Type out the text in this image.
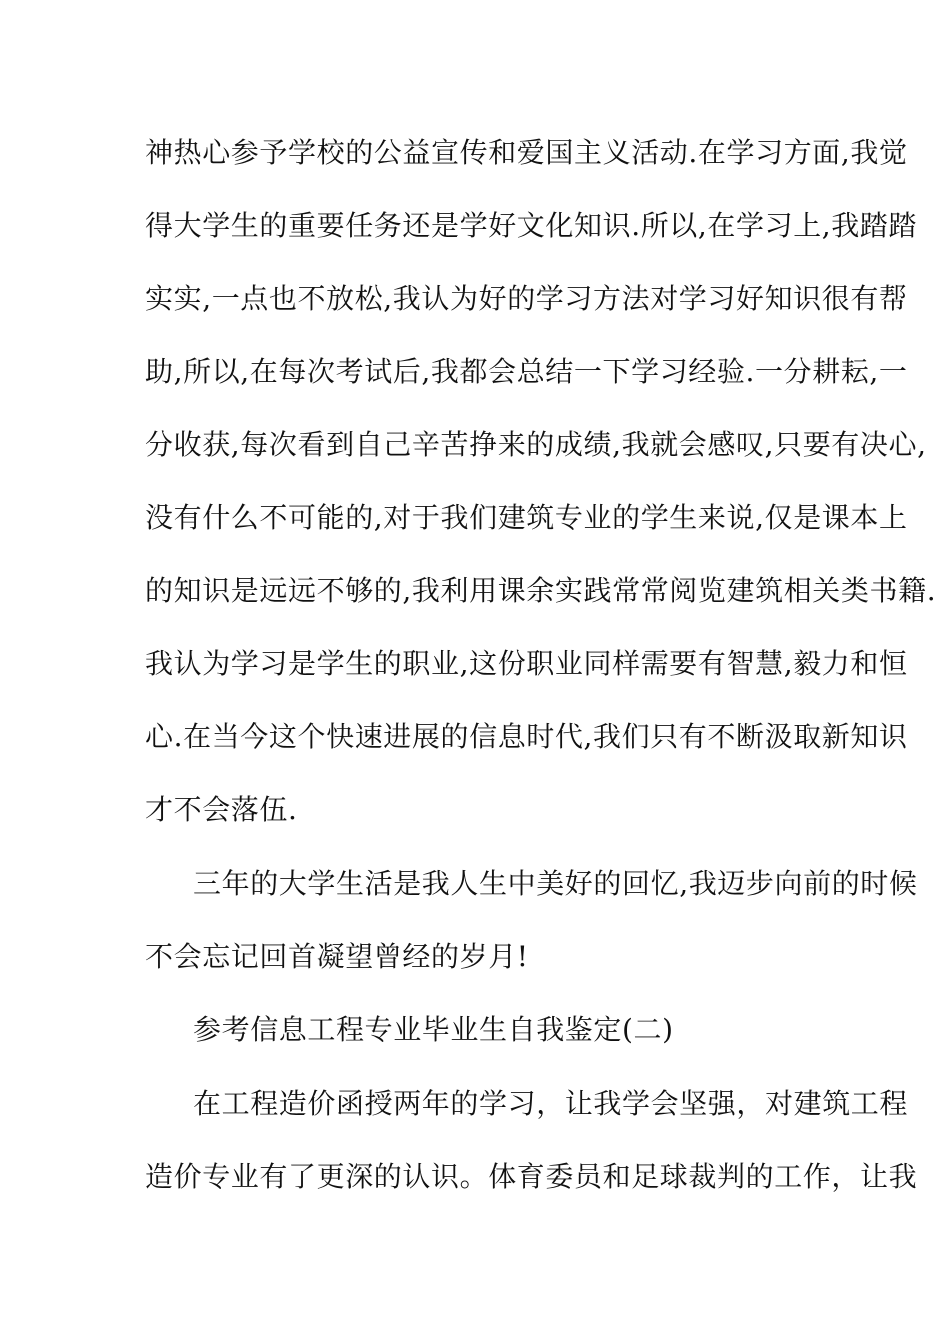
神热心参予学校的公益宣传和爱国主义活动.在学习方面,我觉

得大学生的重要任务还是学好文化知识.所以,在学习上,我踏踏

实实,一点也不放松,我认为好的学习方法对学习好知识很有帮

助,所以,在每次考试后,我都会总结一下学习经验.一分耕耘,一

分收获,每次看到自己辛苦挣来的成绩,我就会感叹,只要有决心,

没有什么不可能的,对于我们建筑专业的学生来说,仅是课本上

的知识是远远不够的,我利用课余实践常常阅览建筑相关类书籍.

我认为学习是学生的职业,这份职业同样需要有智慧,毅力和恒

心.在当今这个快速进展的信息时代,我们只有不断汲取新知识

才不会落伍.

三年的大学生活是我人生中美好的回忆,我迈步向前的时候

不会忘记回首凝望曾经的岁月!

参考信息工程专业毕业生自我鉴定(二)

在工程造价函授两年的学习，让我学会坚强，对建筑工程

造价专业有了更深的认识。体育委员和足球裁判的工作，让我
